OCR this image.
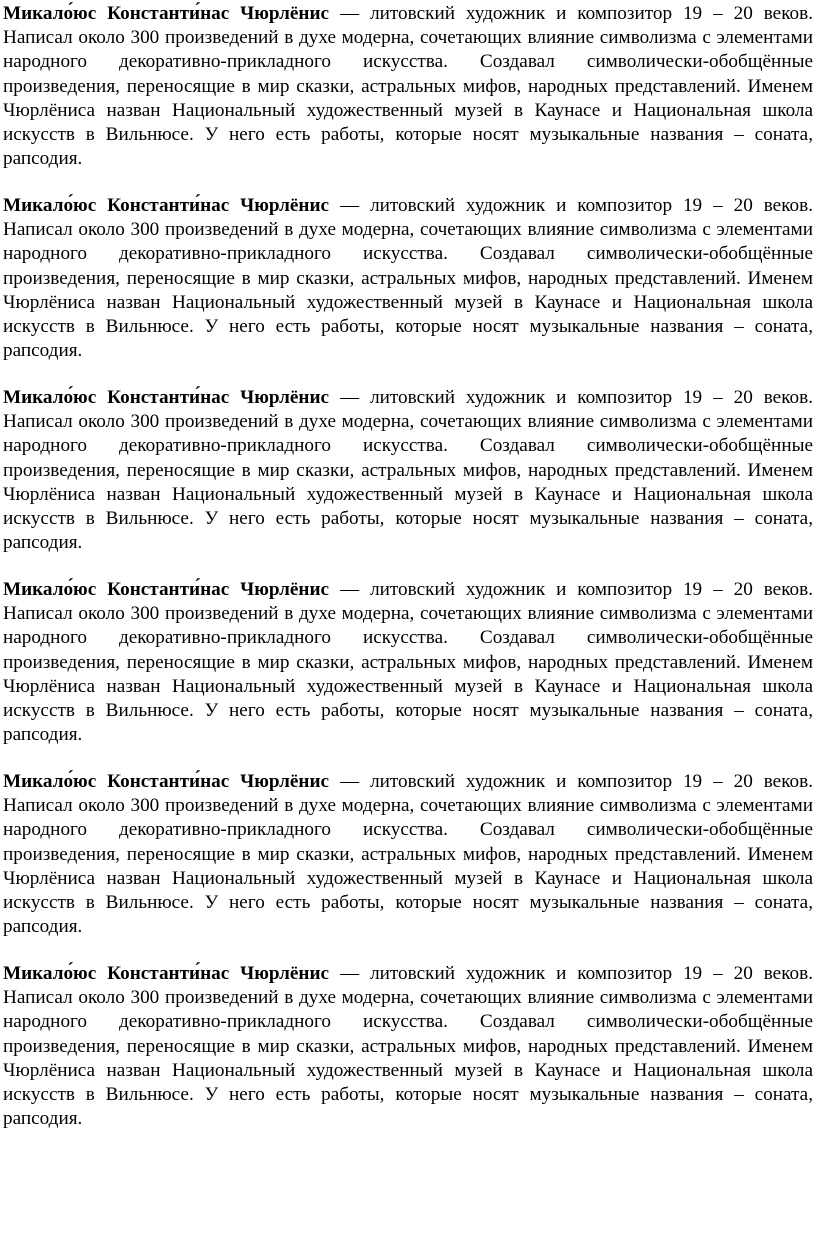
Микало́юс Константи́нас Чюрлёнис — литовский художник и композитор 19 – 20 веков. Написал около 300 произведений в духе модерна, сочетающих влияние символизма с элементами народного декоративно-прикладного искусства. Создавал символически-обобщённые произведения, переносящие в мир сказки, астральных мифов, народных представлений. Именем Чюрлёниса назван Национальный художественный музей в Каунасе и Национальная школа искусств в Вильнюсе. У него есть работы, которые носят музыкальные названия – соната, рапсодия.

Микало́юс Константи́нас Чюрлёнис — литовский художник и композитор 19 – 20 веков. Написал около 300 произведений в духе модерна, сочетающих влияние символизма с элементами народного декоративно-прикладного искусства. Создавал символически-обобщённые произведения, переносящие в мир сказки, астральных мифов, народных представлений. Именем Чюрлёниса назван Национальный художественный музей в Каунасе и Национальная школа искусств в Вильнюсе. У него есть работы, которые носят музыкальные названия – соната, рапсодия.

Микало́юс Константи́нас Чюрлёнис — литовский художник и композитор 19 – 20 веков. Написал около 300 произведений в духе модерна, сочетающих влияние символизма с элементами народного декоративно-прикладного искусства. Создавал символически-обобщённые произведения, переносящие в мир сказки, астральных мифов, народных представлений. Именем Чюрлёниса назван Национальный художественный музей в Каунасе и Национальная школа искусств в Вильнюсе. У него есть работы, которые носят музыкальные названия – соната, рапсодия.

Микало́юс Константи́нас Чюрлёнис — литовский художник и композитор 19 – 20 веков. Написал около 300 произведений в духе модерна, сочетающих влияние символизма с элементами народного декоративно-прикладного искусства. Создавал символически-обобщённые произведения, переносящие в мир сказки, астральных мифов, народных представлений. Именем Чюрлёниса назван Национальный художественный музей в Каунасе и Национальная школа искусств в Вильнюсе. У него есть работы, которые носят музыкальные названия – соната, рапсодия.

Микало́юс Константи́нас Чюрлёнис — литовский художник и композитор 19 – 20 веков. Написал около 300 произведений в духе модерна, сочетающих влияние символизма с элементами народного декоративно-прикладного искусства. Создавал символически-обобщённые произведения, переносящие в мир сказки, астральных мифов, народных представлений. Именем Чюрлёниса назван Национальный художественный музей в Каунасе и Национальная школа искусств в Вильнюсе. У него есть работы, которые носят музыкальные названия – соната, рапсодия.

Микало́юс Константи́нас Чюрлёнис — литовский художник и композитор 19 – 20 веков. Написал около 300 произведений в духе модерна, сочетающих влияние символизма с элементами народного декоративно-прикладного искусства. Создавал символически-обобщённые произведения, переносящие в мир сказки, астральных мифов, народных представлений. Именем Чюрлёниса назван Национальный художественный музей в Каунасе и Национальная школа искусств в Вильнюсе. У него есть работы, которые носят музыкальные названия – соната, рапсодия.
